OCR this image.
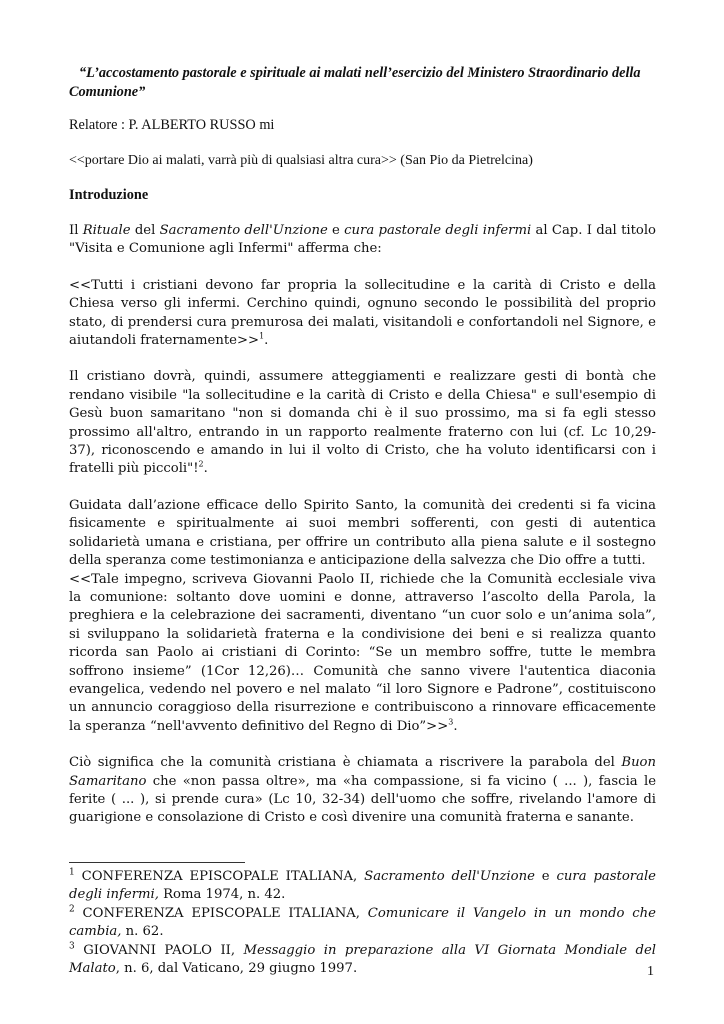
“L’accostamento pastorale e spirituale ai malati nell’esercizio del Ministero Straordinario della Comunione”

Relatore : P. ALBERTO RUSSO mi

<<portare Dio ai malati, varrà più di qualsiasi altra cura>> (San Pio da Pietrelcina)

Introduzione

Il Rituale del Sacramento dell'Unzione e cura pastorale degli infermi al Cap. I dal titolo "Visita e Comunione agli Infermi" afferma che:

<<Tutti i cristiani devono far propria la sollecitudine e la carità di Cristo e della Chiesa verso gli infermi. Cerchino quindi, ognuno secondo le possibilità del proprio stato, di prendersi cura premurosa dei malati, visitandoli e confortandoli nel Signore, e aiutandoli fraternamente>>$^1$.

Il cristiano dovrà, quindi, assumere atteggiamenti e realizzare gesti di bontà che rendano visibile "la sollecitudine e la carità di Cristo e della Chiesa" e sull'esempio di Gesù buon samaritano "non si domanda chi è il suo prossimo, ma si fa egli stesso prossimo all'altro, entrando in un rapporto realmente fraterno con lui (cf. Lc 10,29- 37), riconoscendo e amando in lui il volto di Cristo, che ha voluto identificarsi con i fratelli più piccoli"!$^2$.

Guidata dall’azione efficace dello Spirito Santo, la comunità dei credenti si fa vicina fisicamente e spiritualmente ai suoi membri sofferenti, con gesti di autentica solidarietà umana e cristiana, per offrire un contributo alla piena salute e il sostegno della speranza come testimonianza e anticipazione della salvezza che Dio offre a tutti.

<<Tale impegno, scriveva Giovanni Paolo II, richiede che la Comunità ecclesiale viva la comunione: soltanto dove uomini e donne, attraverso l’ascolto della Parola, la preghiera e la celebrazione dei sacramenti, diventano “un cuor solo e un’anima sola”, si sviluppano la solidarietà fraterna e la condivisione dei beni e si realizza quanto ricorda san Paolo ai cristiani di Corinto: “Se un membro soffre, tutte le membra soffrono insieme” (1Cor 12,26)… Comunità che sanno vivere l'autentica diaconia evangelica, vedendo nel povero e nel malato “il loro Signore e Padrone”, costituiscono un annuncio coraggioso della risurrezione e contribuiscono a rinnovare efficacemente la speranza “nell'avvento definitivo del Regno di Dio”>>$^3$.

Ciò significa che la comunità cristiana è chiamata a riscrivere la parabola del Buon Samaritano che «non passa oltre», ma «ha compassione, si fa vicino ( ... ), fascia le ferite ( ... ), si prende cura» (Lc 10, 32-34) dell'uomo che soffre, rivelando l'amore di guarigione e consolazione di Cristo e così divenire una comunità fraterna e sanante.

$^1$ CONFERENZA EPISCOPALE ITALIANA, Sacramento dell'Unzione e cura pastorale degli infermi, Roma 1974, n. 42.

$^2$ CONFERENZA EPISCOPALE ITALIANA, Comunicare il Vangelo in un mondo che cambia, n. 62.

$^3$ GIOVANNI PAOLO II, Messaggio in preparazione alla VI Giornata Mondiale del Malato, n. 6, dal Vaticano, 29 giugno 1997.	1
